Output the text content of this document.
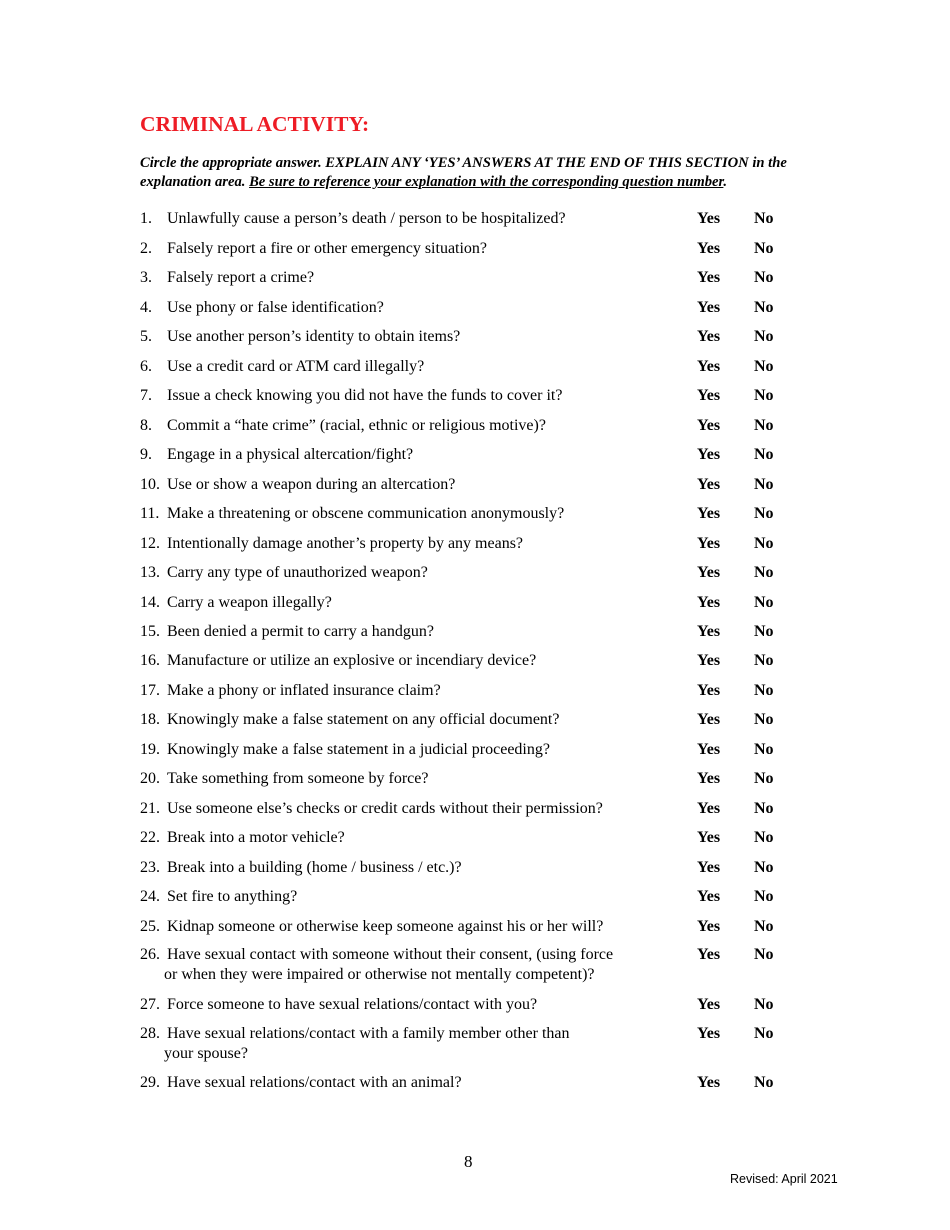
CRIMINAL ACTIVITY:
Circle the appropriate answer. EXPLAIN ANY ‘YES’ ANSWERS AT THE END OF THIS SECTION in the explanation area. Be sure to reference your explanation with the corresponding question number.
1. Unlawfully cause a person’s death / person to be hospitalized?	Yes No
2. Falsely report a fire or other emergency situation?	Yes No
3. Falsely report a crime?	Yes No
4. Use phony or false identification?	Yes No
5. Use another person’s identity to obtain items?	Yes No
6. Use a credit card or ATM card illegally?	Yes No
7. Issue a check knowing you did not have the funds to cover it?	Yes No
8. Commit a “hate crime” (racial, ethnic or religious motive)?	Yes No
9. Engage in a physical altercation/fight?	Yes No
10. Use or show a weapon during an altercation?	Yes No
11. Make a threatening or obscene communication anonymously?	Yes No
12. Intentionally damage another’s property by any means?	Yes No
13. Carry any type of unauthorized weapon?	Yes No
14. Carry a weapon illegally?	Yes No
15. Been denied a permit to carry a handgun?	Yes No
16. Manufacture or utilize an explosive or incendiary device?	Yes No
17. Make a phony or inflated insurance claim?	Yes No
18. Knowingly make a false statement on any official document?	Yes No
19. Knowingly make a false statement in a judicial proceeding?	Yes No
20. Take something from someone by force?	Yes No
21. Use someone else’s checks or credit cards without their permission?	Yes No
22. Break into a motor vehicle?	Yes No
23. Break into a building (home / business / etc.)?	Yes No
24. Set fire to anything?	Yes No
25. Kidnap someone or otherwise keep someone against his or her will?	Yes No
26. Have sexual contact with someone without their consent, (using force
or when they were impaired or otherwise not mentally competent)?
Yes No
27. Force someone to have sexual relations/contact with you?	Yes No
28. Have sexual relations/contact with a family member other than
your spouse?
Yes No
29. Have sexual relations/contact with an animal?	Yes No
8
Revised: April 2021
